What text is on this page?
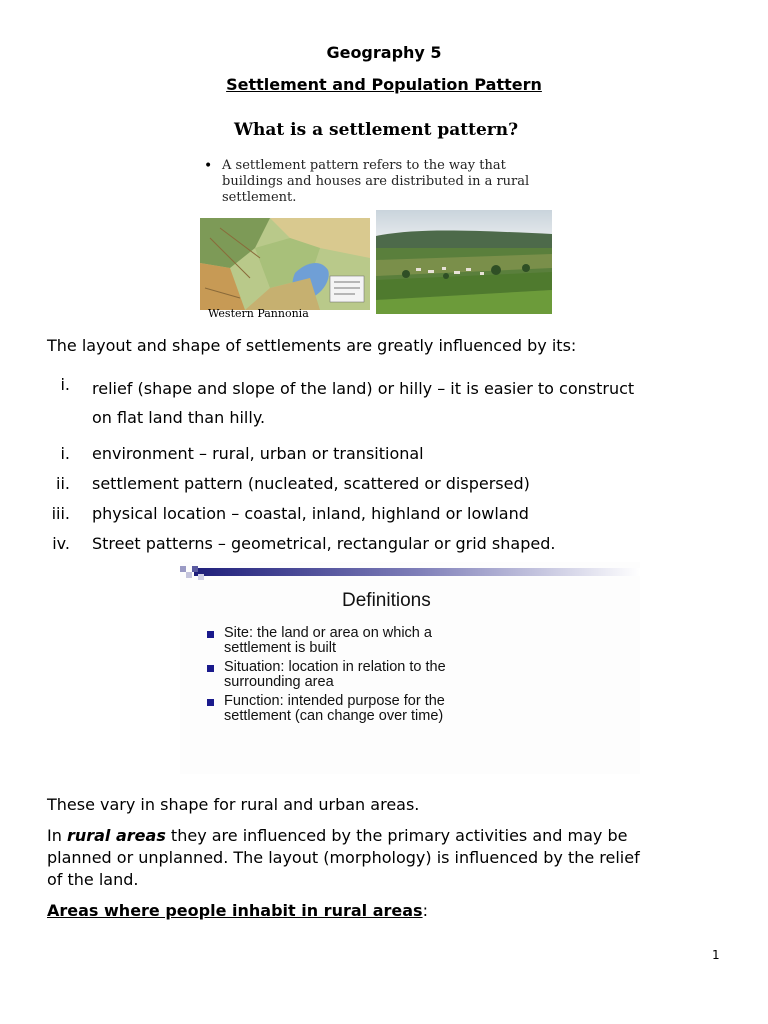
Geography 5
Settlement and Population Pattern
What is a settlement pattern?
• A settlement pattern refers to the way that
buildings and houses are distributed in a rural
settlement.
Western Pannonia
The layout and shape of settlements are greatly influenced by its:
i. relief (shape and slope of the land) or hilly – it is easier to construct
on flat land than hilly.
i. environment – rural, urban or transitional
ii. settlement pattern (nucleated, scattered or dispersed)
iii. physical location – coastal, inland, highland or lowland
iv. Street patterns – geometrical, rectangular or grid shaped.
Definitions
Site: the land or area on which a
settlement is built
Situation: location in relation to the
surrounding area
Function: intended purpose for the
settlement (can change over time)
These vary in shape for rural and urban areas.
In rural areas they are influenced by the primary activities and may be
planned or unplanned. The layout (morphology) is influenced by the relief
of the land.
Areas where people inhabit in rural areas:
1
